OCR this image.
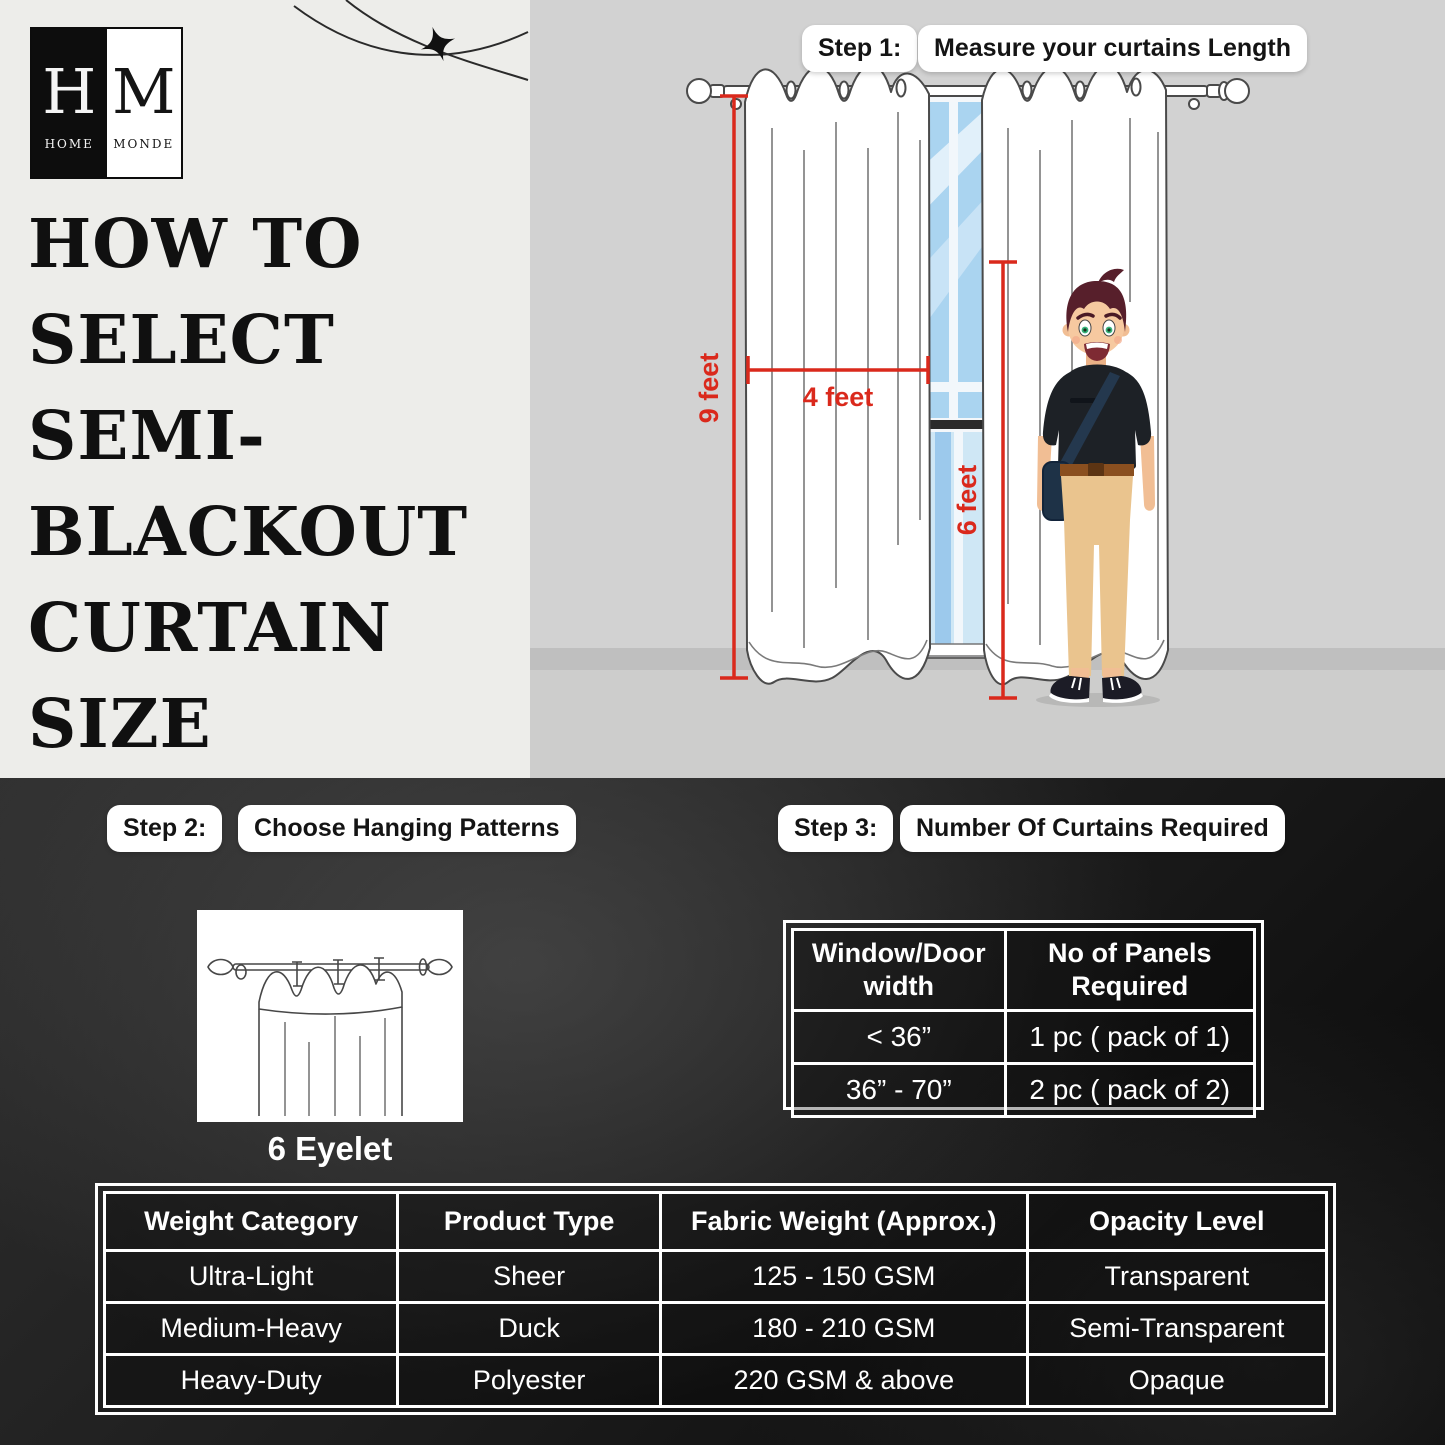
H
HOME
M
MONDE
HOW TO
SELECT
SEMI-
BLACKOUT
CURTAIN
SIZE
Step 1:	Measure your curtains Length
9 feet	4 feet
6 feet
Step 2:	Choose Hanging Patterns	Step 3:	Number Of Curtains Required
6 Eyelet
Window/Door width	No of Panels Required
< 36”	1 pc ( pack of 1)
36” - 70”	2 pc ( pack of 2)
Weight Category	Product Type	Fabric Weight (Approx.)	Opacity Level
Ultra-Light	Sheer	125 - 150 GSM	Transparent
Medium-Heavy	Duck	180 - 210 GSM	Semi-Transparent
Heavy-Duty	Polyester	220 GSM & above	Opaque
